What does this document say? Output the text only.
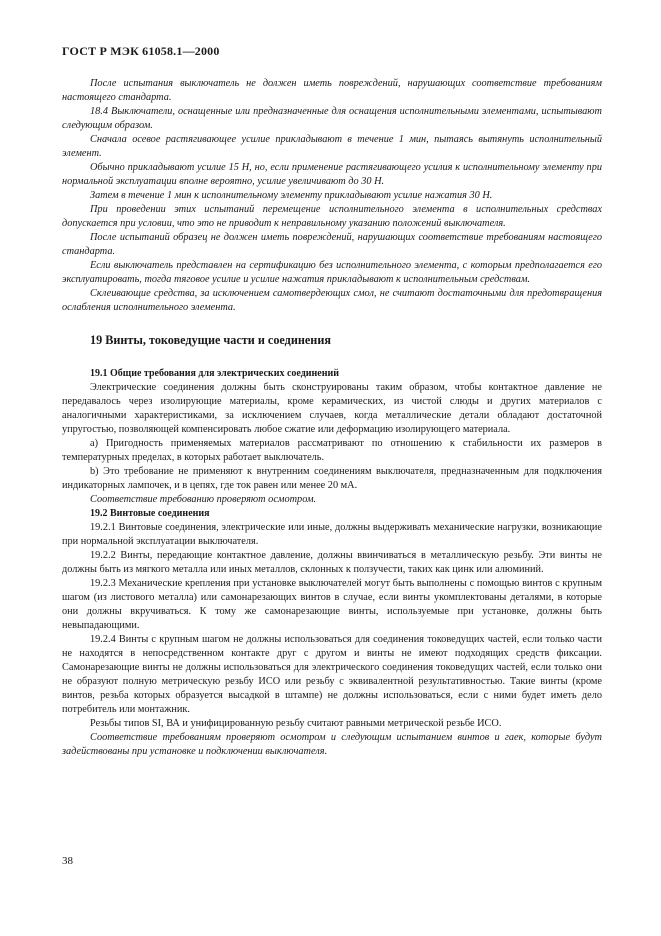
ГОСТ Р МЭК 61058.1—2000

После испытания выключатель не должен иметь повреждений, нарушающих соответствие требованиям настоящего стандарта.

18.4 Выключатели, оснащенные или предназначенные для оснащения исполнительными элементами, испытывают следующим образом.

Сначала осевое растягивающее усилие прикладывают в течение 1 мин, пытаясь вытянуть исполнительный элемент.

Обычно прикладывают усилие 15 Н, но, если применение растягивающего усилия к исполнительному элементу при нормальной эксплуатации вполне вероятно, усилие увеличивают до 30 Н.

Затем в течение 1 мин к исполнительному элементу прикладывают усилие нажатия 30 Н.

При проведении этих испытаний перемещение исполнительного элемента в исполнительных средствах допускается при условии, что это не приводит к неправильному указанию положений выключателя.

После испытаний образец не должен иметь повреждений, нарушающих соответствие требованиям настоящего стандарта.

Если выключатель представлен на сертификацию без исполнительного элемента, с которым предполагается его эксплуатировать, тогда тяговое усилие и усилие нажатия прикладывают к исполнительным средствам.

Склеивающие средства, за исключением самотвердеющих смол, не считают достаточными для предотвращения ослабления исполнительного элемента.

19 Винты, токоведущие части и соединения
19.1 Общие требования для электрических соединений

Электрические соединения должны быть сконструированы таким образом, чтобы контактное давление не передавалось через изолирующие материалы, кроме керамических, из чистой слюды и других материалов с аналогичными характеристиками, за исключением случаев, когда металлические детали обладают достаточной упругостью, позволяющей компенсировать любое сжатие или деформацию изолирующего материала.

а) Пригодность применяемых материалов рассматривают по отношению к стабильности их размеров в температурных пределах, в которых работает выключатель.

b) Это требование не применяют к внутренним соединениям выключателя, предназначенным для подключения индикаторных лампочек, и в цепях, где ток равен или менее 20 мА.

Соответствие требованию проверяют осмотром.

19.2 Винтовые соединения

19.2.1 Винтовые соединения, электрические или иные, должны выдерживать механические нагрузки, возникающие при нормальной эксплуатации выключателя.

19.2.2 Винты, передающие контактное давление, должны ввинчиваться в металлическую резьбу. Эти винты не должны быть из мягкого металла или иных металлов, склонных к ползучести, таких как цинк или алюминий.

19.2.3 Механические крепления при установке выключателей могут быть выполнены с помощью винтов с крупным шагом (из листового металла) или самонарезающих винтов в случае, если винты укомплектованы деталями, в которые они должны вкручиваться. К тому же самонарезающие винты, используемые при установке, должны быть невыпадающими.

19.2.4 Винты с крупным шагом не должны использоваться для соединения токоведущих частей, если только части не находятся в непосредственном контакте друг с другом и винты не имеют подходящих средств фиксации. Самонарезающие винты не должны использоваться для электрического соединения токоведущих частей, если только они не образуют полную метрическую резьбу ИСО или резьбу с эквивалентной результативностью. Такие винты (кроме винтов, резьба которых образуется высадкой в штампе) не должны использоваться, если с ними будет иметь дело потребитель или монтажник.

Резьбы типов SI, ВА и унифицированную резьбу считают равными метрической резьбе ИСО.

Соответствие требованиям проверяют осмотром и следующим испытанием винтов и гаек, которые будут задействованы при установке и подключении выключателя.

38
